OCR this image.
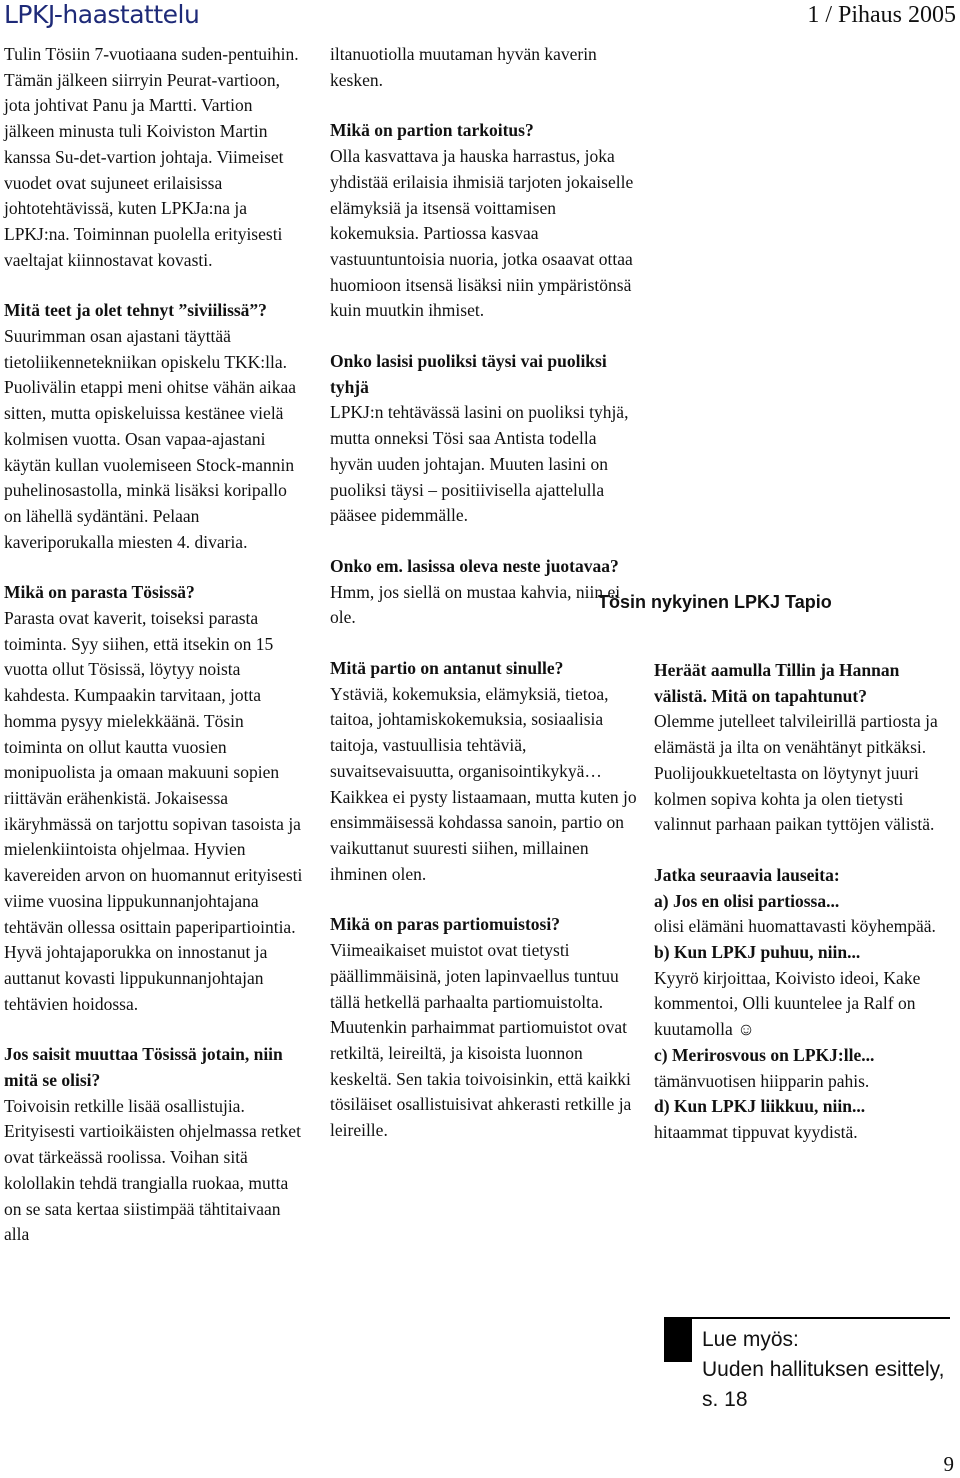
LPKJ-haastattelu	1 / Pihaus 2005

Tulin Tösiin 7-vuotiaana suden-pentuihin. Tämän jälkeen siirryin Peurat-vartioon, jota johtivat Panu ja Martti. Vartion jälkeen minusta tuli Koiviston Martin kanssa Su-det-vartion johtaja. Viimeiset vuodet ovat sujuneet erilaisissa johtotehtävissä, kuten LPKJa:na ja LPKJ:na. Toiminnan puolella erityisesti vaeltajat kiinnostavat kovasti.

Mitä teet ja olet tehnyt ”siviilissä”?

Suurimman osan ajastani täyttää tietoliikennetekniikan opiskelu TKK:lla. Puolivälin etappi meni ohitse vähän aikaa sitten, mutta opiskeluissa kestänee vielä kolmisen vuotta. Osan vapaa-ajastani käytän kullan vuolemiseen Stock-mannin puhelinosastolla, minkä lisäksi koripallo on lähellä sydäntäni. Pelaan kaveriporukalla miesten 4. divaria.

Mikä on parasta Tösissä?

Parasta ovat kaverit, toiseksi parasta toiminta. Syy siihen, että itsekin on 15 vuotta ollut Tösissä, löytyy noista kahdesta. Kumpaakin tarvitaan, jotta homma pysyy mielekkäänä. Tösin toiminta on ollut kautta vuosien monipuolista ja omaan makuuni sopien riittävän erähenkistä. Jokaisessa ikäryhmässä on tarjottu sopivan tasoista ja mielenkiintoista ohjelmaa. Hyvien kavereiden arvon on huomannut erityisesti viime vuosina lippukunnanjohtajana tehtävän ollessa osittain paperipartiointia. Hyvä johtajaporukka on innostanut ja auttanut kovasti lippukunnanjohtajan tehtävien hoidossa.

Jos saisit muuttaa Tösissä jotain, niin mitä se olisi?

Toivoisin retkille lisää osallistujia. Erityisesti vartioikäisten ohjelmassa retket ovat tärkeässä roolissa. Voihan sitä kolollakin tehdä trangialla ruokaa, mutta on se sata kertaa siistimpää tähtitaivaan alla

iltanuotiolla muutaman hyvän kaverin kesken.

Mikä on partion tarkoitus?

Olla kasvattava ja hauska harrastus, joka yhdistää erilaisia ihmisiä tarjoten jokaiselle elämyksiä ja itsensä voittamisen kokemuksia. Partiossa kasvaa vastuuntuntoisia nuoria, jotka osaavat ottaa huomioon itsensä lisäksi niin ympäristönsä kuin muutkin ihmiset.

Onko lasisi puoliksi täysi vai puoliksi tyhjä

LPKJ:n tehtävässä lasini on puoliksi tyhjä, mutta onneksi Tösi saa Antista todella hyvän uuden johtajan. Muuten lasini on puoliksi täysi – positiivisella ajattelulla pääsee pidemmälle.

Onko em. lasissa oleva neste juotavaa?

Hmm, jos siellä on mustaa kahvia, niin ei ole.

Mitä partio on antanut sinulle?

Ystäviä, kokemuksia, elämyksiä, tietoa, taitoa, johtamiskokemuksia, sosiaalisia taitoja, vastuullisia tehtäviä, suvaitsevaisuutta, organisointikykyä… Kaikkea ei pysty listaamaan, mutta kuten jo ensimmäisessä kohdassa sanoin, partio on vaikuttanut suuresti siihen, millainen ihminen olen.

Mikä on paras partiomuistosi?

Viimeaikaiset muistot ovat tietysti päällimmäisinä, joten lapinvaellus tuntuu tällä hetkellä parhaalta partiomuistolta. Muutenkin parhaimmat partiomuistot ovat retkiltä, leireiltä, ja kisoista luonnon keskeltä. Sen takia toivoisinkin, että kaikki tösiläiset osallistuisivat ahkerasti retkille ja leireille.

Tösin nykyinen LPKJ Tapio

Heräät aamulla Tillin ja Hannan välistä. Mitä on tapahtunut?

Olemme jutelleet talvileirillä partiosta ja elämästä ja ilta on venähtänyt pitkäksi. Puolijoukkueteltasta on löytynyt juuri kolmen sopiva kohta ja olen tietysti valinnut parhaan paikan tyttöjen välistä.

Jatka seuraavia lauseita:

a) Jos en olisi partiossa...

olisi elämäni huomattavasti köyhempää.

b) Kun LPKJ puhuu, niin...

Kyyrö kirjoittaa, Koivisto ideoi, Kake kommentoi, Olli kuuntelee ja Ralf on kuutamolla ☺

c) Merirosvous on LPKJ:lle...

tämänvuotisen hiipparin pahis.

d) Kun LPKJ liikkuu, niin...

hitaammat tippuvat kyydistä.

Lue myös:
Uuden hallituksen esittely, s. 18
9
